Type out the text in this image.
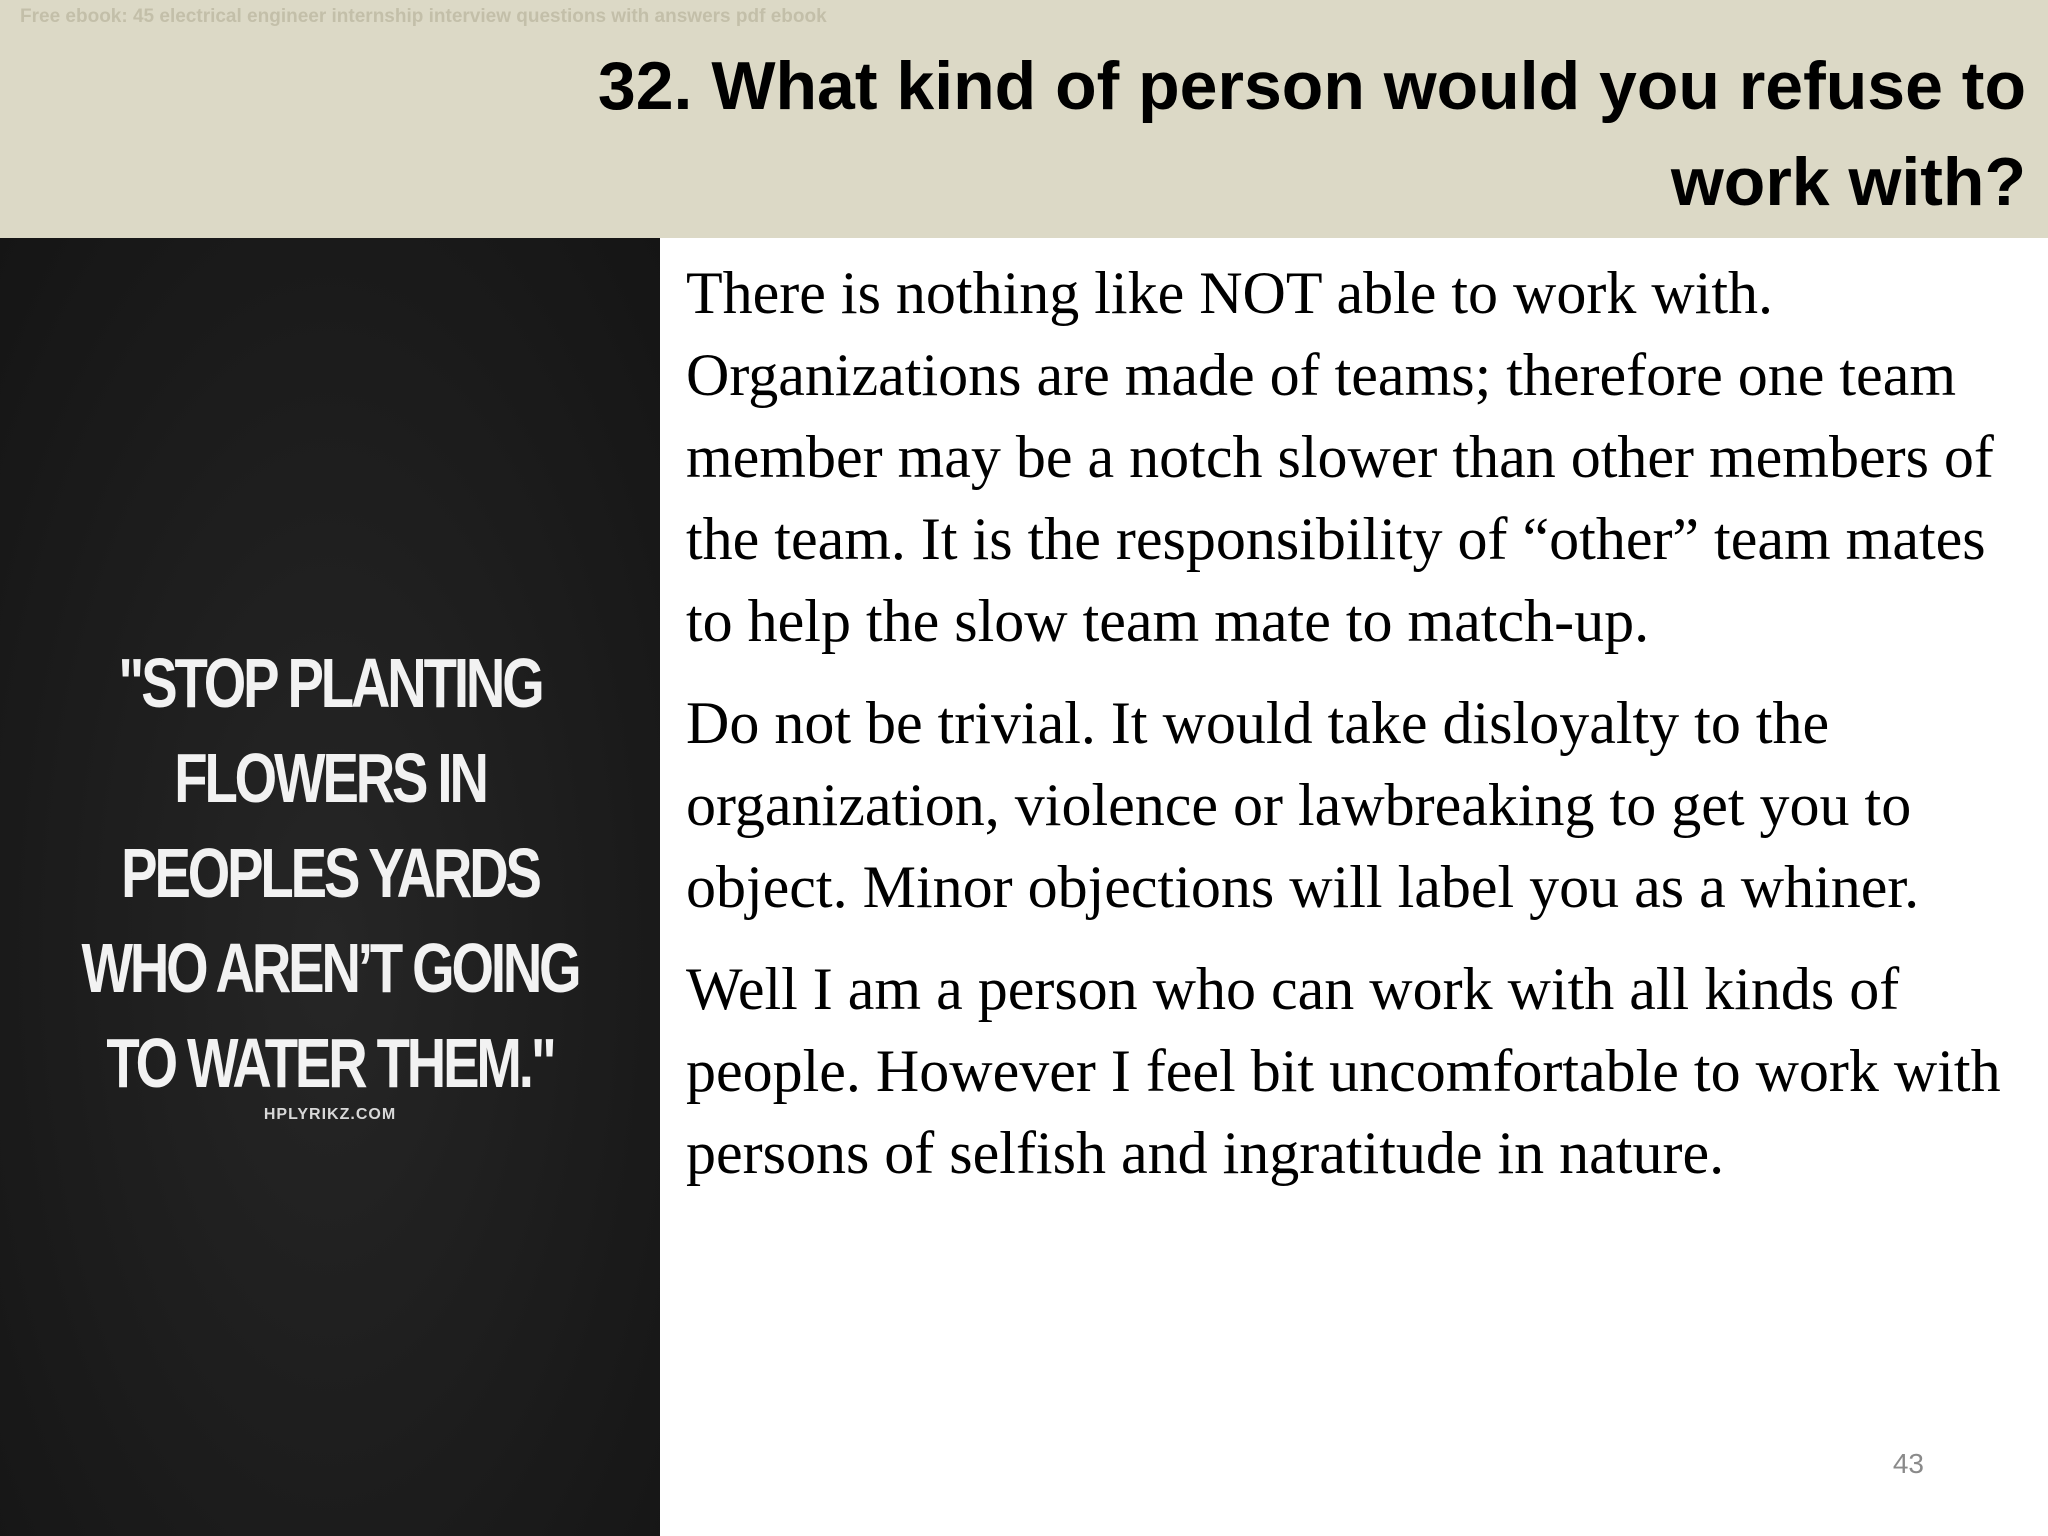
Free ebook: 45 electrical engineer internship interview questions with answers pdf ebook
32. What kind of person would you refuse to work with?

"STOP PLANTING FLOWERS IN PEOPLES YARDS WHO AREN’T GOING TO WATER THEM."

HPLYRIKZ.COM

There is nothing like NOT able to work with. Organizations are made of teams; therefore one team member may be a notch slower than other members of the team. It is the responsibility of “other” team mates to help the slow team mate to match-up.

Do not be trivial. It would take disloyalty to the organization, violence or lawbreaking to get you to object. Minor objections will label you as a whiner.

Well I am a person who can work with all kinds of people. However I feel bit uncomfortable to work with persons of selfish and ingratitude in nature.

43
